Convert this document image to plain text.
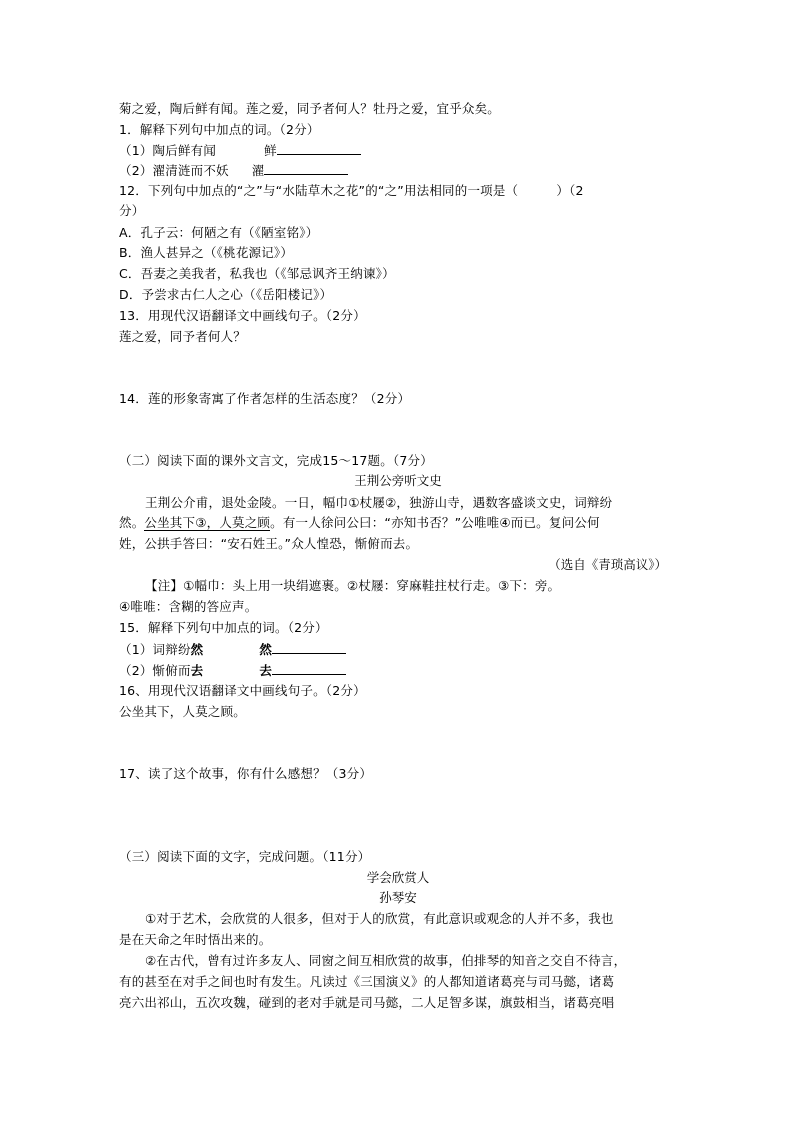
菊之爱，陶后鲜有闻。莲之爱，同予者何人？牡丹之爱，宜乎众矣。
1．解释下列句中加点的词。（2分）
（1）陶后鲜有闻	鲜
（2）濯清涟而不妖 濯
12．下列句中加点的“之”与“水陆草木之花”的“之”用法相同的一项是（　　　）（2
分）
A．孔子云：何陋之有（《陋室铭》）
B．渔人甚异之（《桃花源记》）
C．吾妻之美我者，私我也（《邹忌讽齐王纳谏》）
D．予尝求古仁人之心（《岳阳楼记》）
13．用现代汉语翻译文中画线句子。（2分）
莲之爱，同予者何人？
14．莲的形象寄寓了作者怎样的生活态度？（2分）
（二）阅读下面的课外文言文，完成15～17题。（7分）
王荆公旁听文史
王荆公介甫，退处金陵。一日，幅巾①杖屦②，独游山寺，遇数客盛谈文史，词辩纷
然。公坐其下③，人莫之顾。有一人徐问公曰：“亦知书否？”公唯唯④而已。复问公何
姓，公拱手答曰：“安石姓王。”众人惶恐，惭俯而去。
（选自《青琐高议》）
【注】①幅巾：头上用一块绢遮裹。②杖屦：穿麻鞋拄杖行走。③下：旁。
④唯唯：含糊的答应声。
15．解释下列句中加点的词。（2分）
（1）词辩纷然	然
（2）惭俯而去	去
16、用现代汉语翻译文中画线句子。（2分）
公坐其下，人莫之顾。
17、读了这个故事，你有什么感想？（3分）
（三）阅读下面的文字，完成问题。（11分）
学会欣赏人
孙琴安
①对于艺术，会欣赏的人很多，但对于人的欣赏，有此意识或观念的人并不多，我也
是在天命之年时悟出来的。
②在古代，曾有过许多友人、同窗之间互相欣赏的故事，伯排琴的知音之交自不待言，
有的甚至在对手之间也时有发生。凡读过《三国演义》的人都知道诸葛亮与司马懿，诸葛
亮六出祁山，五次攻魏，碰到的老对手就是司马懿，二人足智多谋，旗鼓相当，诸葛亮唱
